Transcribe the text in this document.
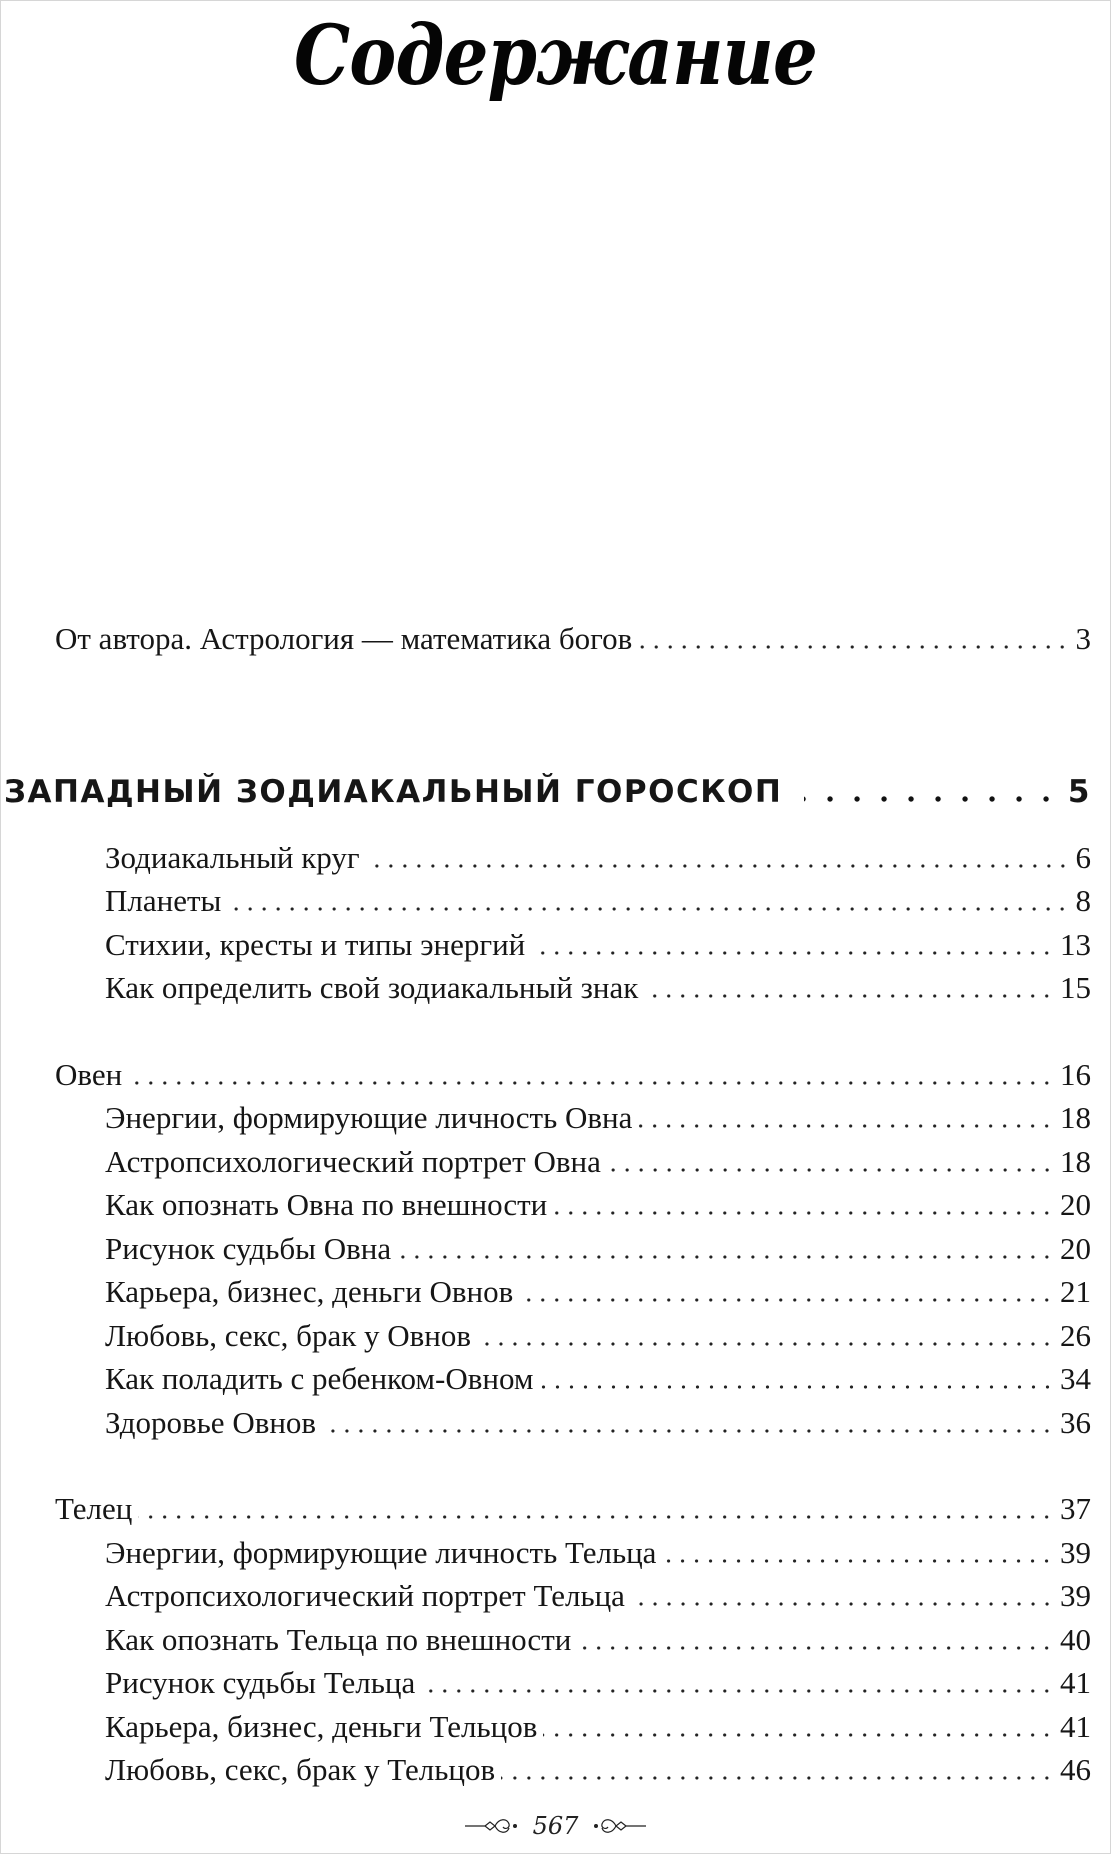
Содержание
От автора. Астрология — математика богов	3
ЗАПАДНЫЙ ЗОДИАКАЛЬНЫЙ ГОРОСКОП	5
Зодиакальный круг	6
Планеты	8
Стихии, кресты и типы энергий	13
Как определить свой зодиакальный знак	15
Овен	16
Энергии, формирующие личность Овна	18
Астропсихологический портрет Овна	18
Как опознать Овна по внешности	20
Рисунок судьбы Овна	20
Карьера, бизнес, деньги Овнов	21
Любовь, секс, брак у Овнов	26
Как поладить с ребенком-Овном	34
Здоровье Овнов	36
Телец	37
Энергии, формирующие личность Тельца	39
Астропсихологический портрет Тельца	39
Как опознать Тельца по внешности	40
Рисунок судьбы Тельца	41
Карьера, бизнес, деньги Тельцов	41
Любовь, секс, брак у Тельцов	46
567
